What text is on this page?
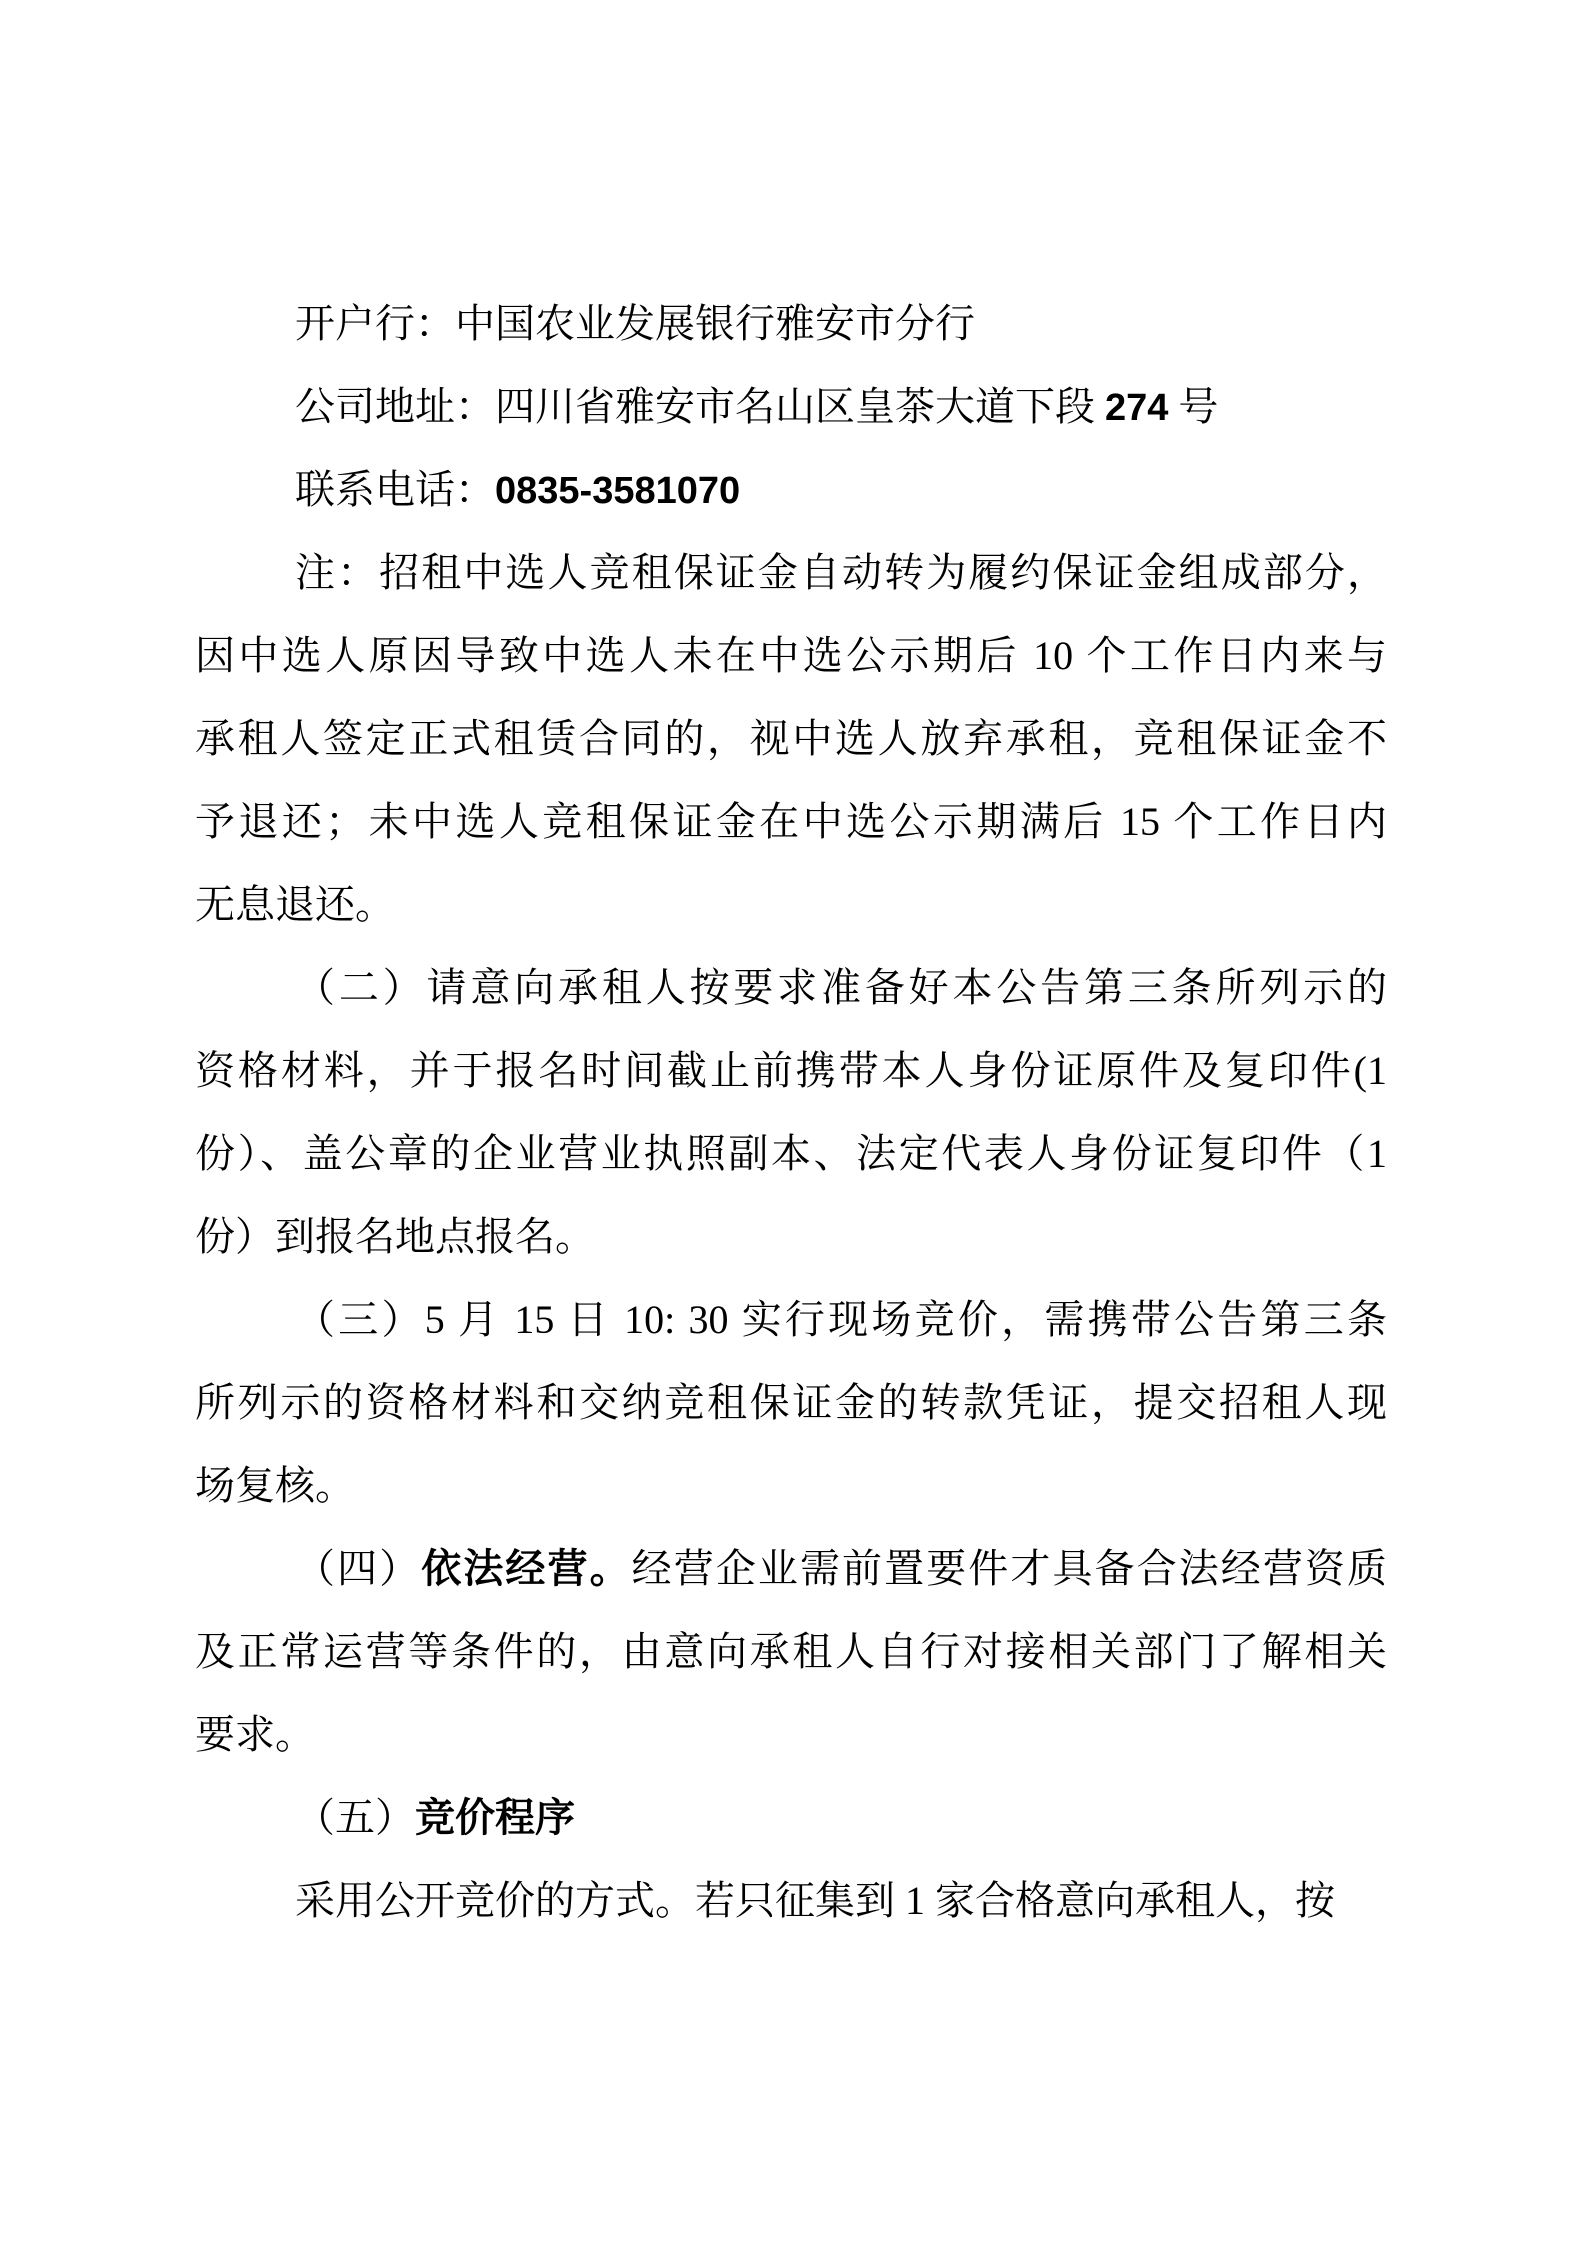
开户行：中国农业发展银行雅安市分行

公司地址：四川省雅安市名山区皇茶大道下段 274 号

联系电话：0835-3581070

注：招租中选人竞租保证金自动转为履约保证金组成部分，

因中选人原因导致中选人未在中选公示期后 10 个工作日内来与

承租人签定正式租赁合同的，视中选人放弃承租，竞租保证金不

予退还；未中选人竞租保证金在中选公示期满后 15 个工作日内

无息退还。

（二）请意向承租人按要求准备好本公告第三条所列示的

资格材料，并于报名时间截止前携带本人身份证原件及复印件(1

份）、盖公章的企业营业执照副本、法定代表人身份证复印件（1

份）到报名地点报名。

（三）5 月 15 日 10: 30 实行现场竞价，需携带公告第三条

所列示的资格材料和交纳竞租保证金的转款凭证，提交招租人现

场复核。

（四）依法经营。经营企业需前置要件才具备合法经营资质

及正常运营等条件的，由意向承租人自行对接相关部门了解相关

要求。

（五）竞价程序

采用公开竞价的方式。若只征集到 1 家合格意向承租人，按
